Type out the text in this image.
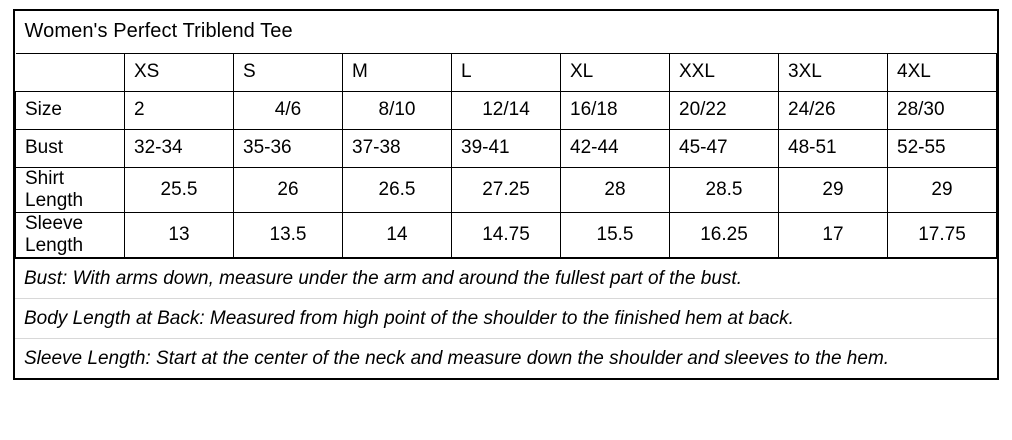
Women's Perfect Triblend Tee								
	XS	S	M	L	XL	XXL	3XL	4XL
Size	2	4/6	8/10	12/14	16/18	20/22	24/26	28/30
Bust	32-34	35-36	37-38	39-41	42-44	45-47	48-51	52-55
Shirt Length	25.5	26	26.5	27.25	28	28.5	29	29
Sleeve Length	13	13.5	14	14.75	15.5	16.25	17	17.75
Bust: With arms down, measure under the arm and around the fullest part of the bust.
Body Length at Back: Measured from high point of the shoulder to the finished hem at back.
Sleeve Length: Start at the center of the neck and measure down the shoulder and sleeves to the hem.
